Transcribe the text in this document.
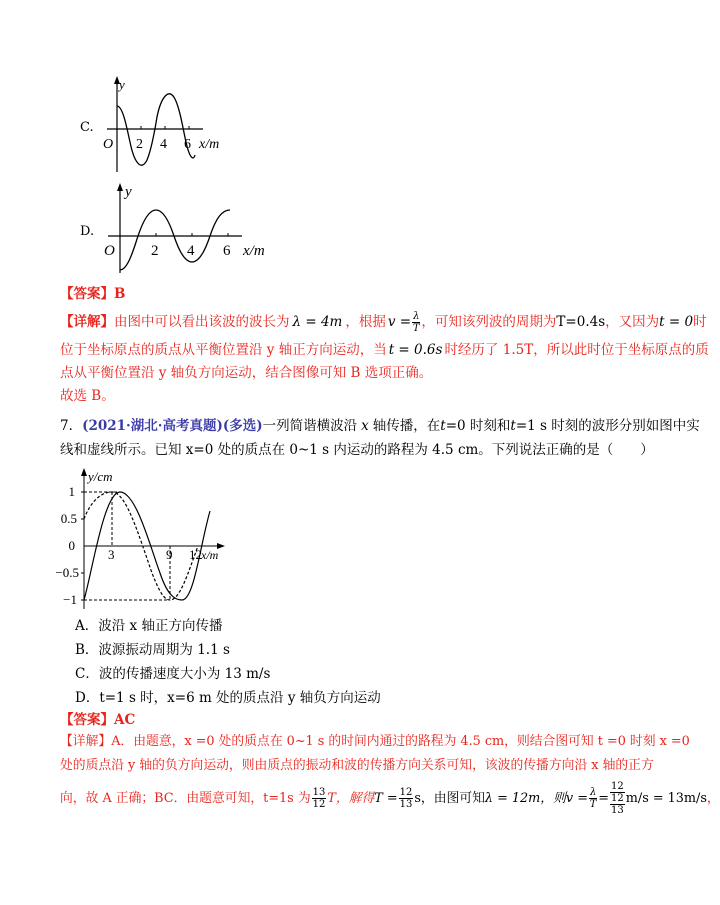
C.
y
O 2 4 6 x/m
D.
y
O 2 4 6 x/m
【答案】B
【详解】由图中可以看出该波的波长为 λ = 4m ，根据 $v = \frac{\lambda}{T}$ ，可知该列波的周期为T=0.4s，又因为t = 0时
位于坐标原点的质点从平衡位置沿 y 轴正方向运动，当 t = 0.6s 时经历了 1.5T，所以此时位于坐标原点的质
点从平衡位置沿 y 轴负方向运动，结合图像可知 B 选项正确。
故选 B。
7．(2021·湖北·高考真题)(多选)一列简谐横波沿 x 轴传播，在t=0 时刻和t=1 s 时刻的波形分别如图中实
线和虚线所示。已知 x=0 处的质点在 0~1 s 内运动的路程为 4.5 cm。下列说法正确的是（　　）
y/cm
x/m
1
0.5
0
−0.5
−1
3	9 12
A．波沿 x 轴正方向传播
B．波源振动周期为 1.1 s
C．波的传播速度大小为 13 m/s
D．t=1 s 时，x=6 m 处的质点沿 y 轴负方向运动
【答案】AC
【详解】A．由题意，x =0 处的质点在 0~1 s 的时间内通过的路程为 4.5 cm，则结合图可知 t =0 时刻 x =0
处的质点沿 y 轴的负方向运动，则由质点的振动和波的传播方向关系可知，该波的传播方向沿 x 轴的正方
向，故 A 正确；BC．由题意可知，t=1s 为 $\frac{13}{12}$ T，解得$T = \frac{12}{13}$ s，由图可知λ = 12m，则$v = \frac{\lambda}{T}$ =
12
12
13
m/s = 13m/s，
